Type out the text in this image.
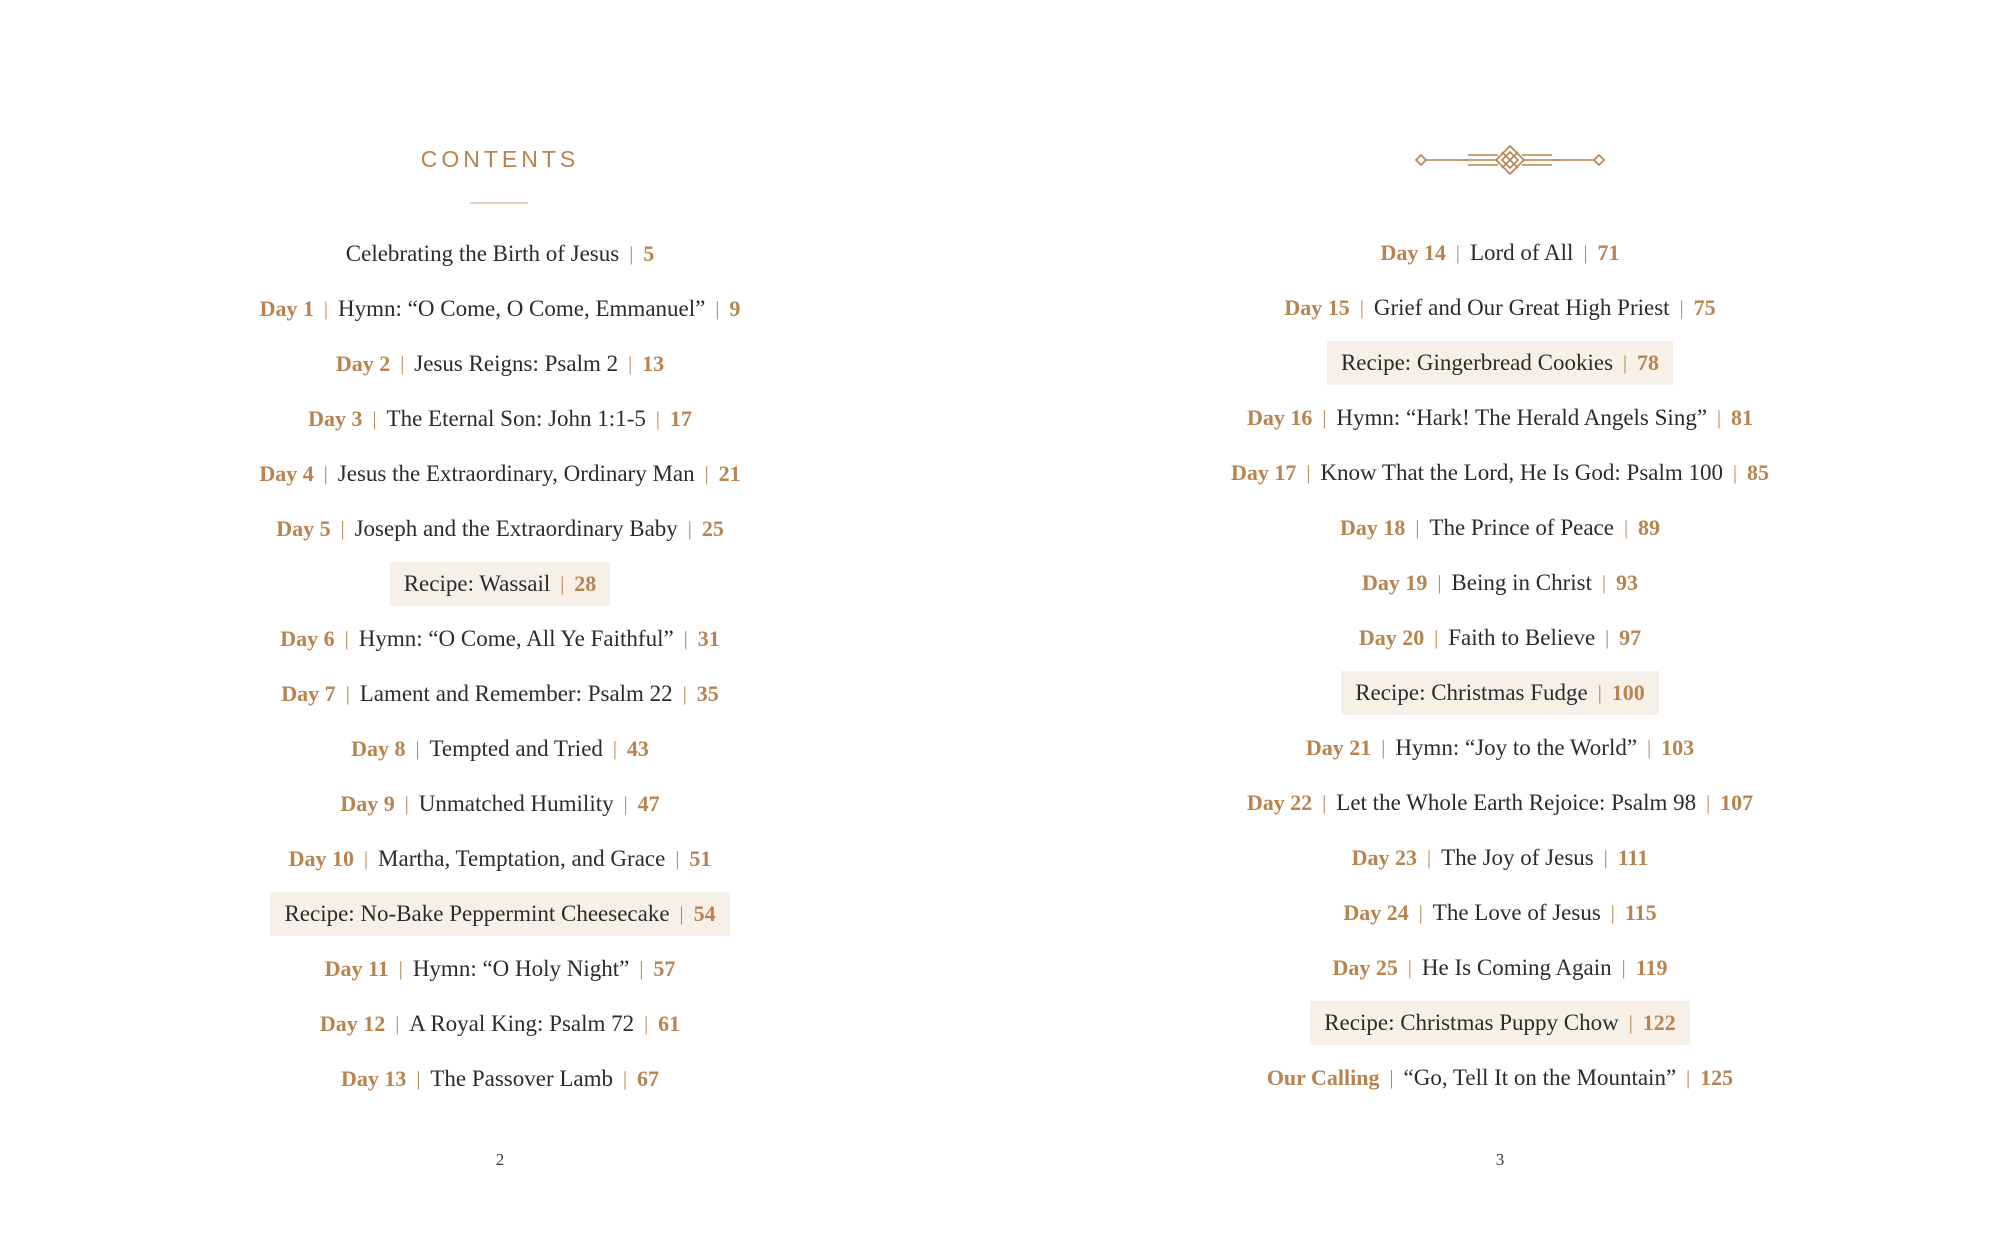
CONTENTS
Celebrating the Birth of Jesus | 5
Day 1 | Hymn: “O Come, O Come, Emmanuel” | 9
Day 2 | Jesus Reigns: Psalm 2 | 13
Day 3 | The Eternal Son: John 1:1-5 | 17
Day 4 | Jesus the Extraordinary, Ordinary Man | 21
Day 5 | Joseph and the Extraordinary Baby | 25
Recipe: Wassail | 28
Day 6 | Hymn: “O Come, All Ye Faithful” | 31
Day 7 | Lament and Remember: Psalm 22 | 35
Day 8 | Tempted and Tried | 43
Day 9 | Unmatched Humility | 47
Day 10 | Martha, Temptation, and Grace | 51
Recipe: No-Bake Peppermint Cheesecake | 54
Day 11 | Hymn: “O Holy Night” | 57
Day 12 | A Royal King: Psalm 72 | 61
Day 13 | The Passover Lamb | 67
2
Day 14 | Lord of All | 71
Day 15 | Grief and Our Great High Priest | 75
Recipe: Gingerbread Cookies | 78
Day 16 | Hymn: “Hark! The Herald Angels Sing” | 81
Day 17 | Know That the Lord, He Is God: Psalm 100 | 85
Day 18 | The Prince of Peace | 89
Day 19 | Being in Christ | 93
Day 20 | Faith to Believe | 97
Recipe: Christmas Fudge | 100
Day 21 | Hymn: “Joy to the World” | 103
Day 22 | Let the Whole Earth Rejoice: Psalm 98 | 107
Day 23 | The Joy of Jesus | 111
Day 24 | The Love of Jesus | 115
Day 25 | He Is Coming Again | 119
Recipe: Christmas Puppy Chow | 122
Our Calling | “Go, Tell It on the Mountain” | 125
3
